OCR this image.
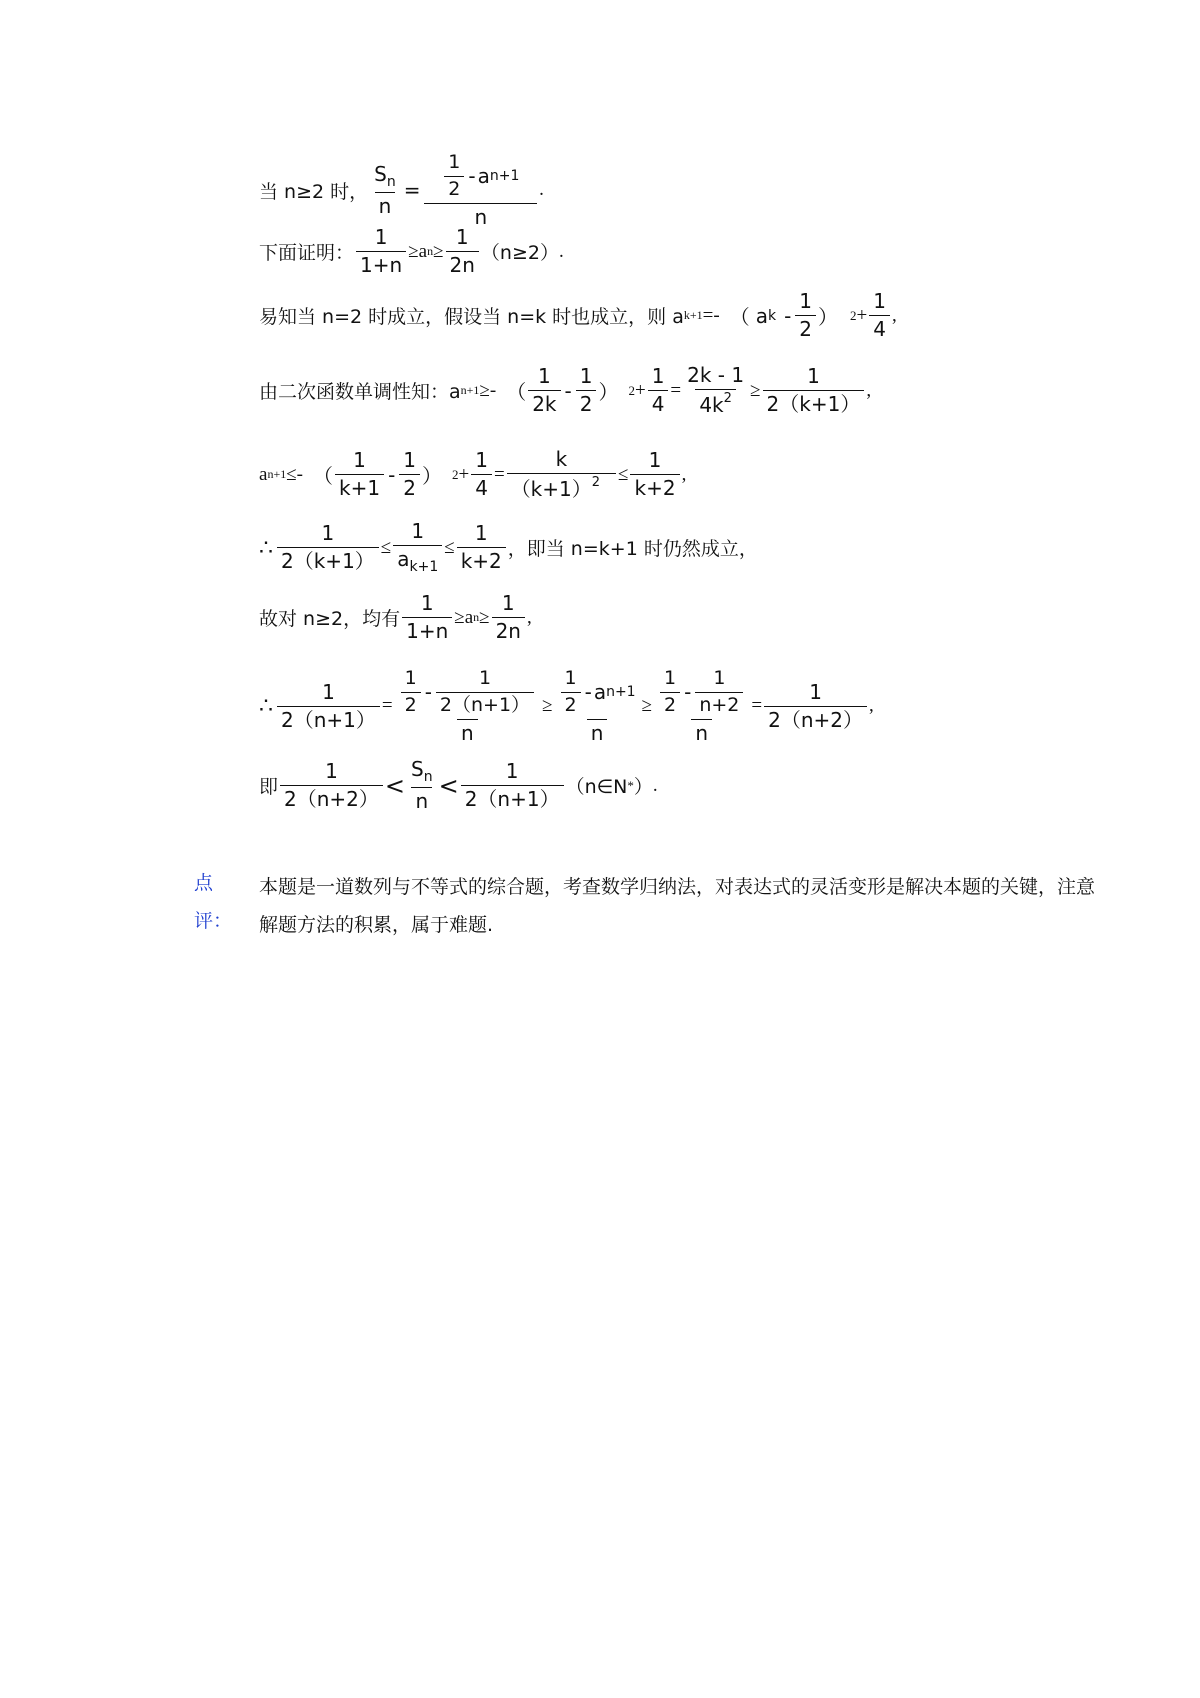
当 n≥2 时， $\frac{S_n}{n} = \frac{\frac{1}{2} - a n+1}{n}$ .
下面证明： $\frac{1}{1+n} \ge a$ $n \ge \frac{1}{2n} (n\ge 2)$ .
易知当 n=2 时成立，假设当 n=k 时也成立，则 a k+1 =- （ a k - $\frac{1}{2}$ ） $2 + \frac{1}{4}$ ,
由二次函数单调性知：a n+1 ≥- （ $\frac{1}{2k} - \frac{1}{2}$ ） $2 + \frac{1}{4} = \frac{2k - 1}{4k^2} \ge \frac{1}{2(k+1)}$ ,
a n+1 ≤- （ $\frac{1}{k+1} - \frac{1}{2}$ ） $2 + \frac{1}{4} = \frac{k}{(k+1)^2} \le \frac{1}{k+2}$ ,
∴ $\frac{1}{2(k+1)} \le \frac{1}{a_{k+1}} \le \frac{1}{k+2}$ ，即当 n=k+1 时仍然成立，
故对 n≥2，均有 $\frac{1}{1+n} \ge a$ $n \ge \frac{1}{2n}$ ,
∴ $\frac{1}{2(n+1)} = \frac{\frac{1}{2} - \frac{1}{2(n+1)}}{n} \ge \frac{\frac{1}{2} - a n+1}{n} \ge \frac{\frac{1}{2} - \frac{1}{n+2}}{n} = \frac{1}{2(n+2)}$ ,
即 $\frac{1}{2(n+2)} < \frac{S_n}{n} < \frac{1}{2(n+1)}$ （n∈N * ） .
点
评：
本题是一道数列与不等式的综合题，考查数学归纳法，对表达式的灵活变形是解决本题的关键，注意解题方法的积累，属于难题.
